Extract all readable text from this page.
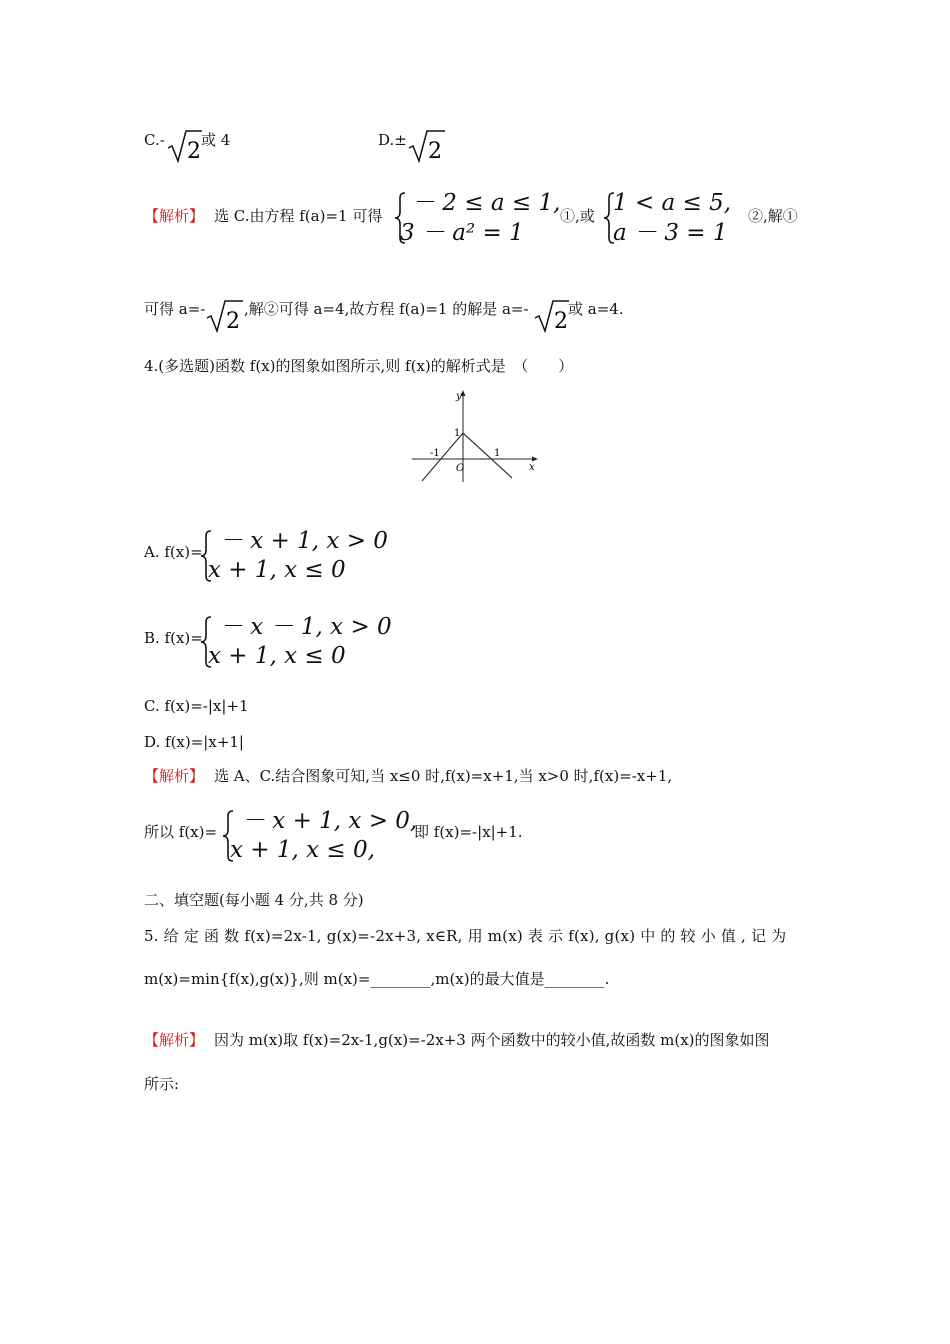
C.- 2 或 4	D.± 2
【解析】 选 C.由方程 f(a)=1 可得 － 2 ≤ a ≤ 1,
3 － a² = 1
①,或 1 < a ≤ 5,
a － 3 = 1
②,解①
可得 a=- 2 ,解②可得 a=4,故方程 f(a)=1 的解是 a=- 2 或 a=4.
4.(多选题)函数 f(x)的图象如图所示,则 f(x)的解析式是　（　　）
y
x
O
1
-1	1
A. f(x)= － x + 1, x > 0
x + 1, x ≤ 0
B. f(x)= － x － 1, x > 0
x + 1, x ≤ 0
C. f(x)=-|x|+1
D. f(x)=|x+1|
【解析】 选 A、C.结合图象可知,当 x≤0 时,f(x)=x+1,当 x>0 时,f(x)=-x+1,
所以 f(x)= － x + 1, x > 0,
x + 1, x ≤ 0,
即 f(x)=-|x|+1.
二、填空题(每小题 4 分,共 8 分)
5. 给 定 函 数 f(x)=2x-1, g(x)=-2x+3, x∈R, 用 m(x) 表 示 f(x), g(x) 中 的 较 小 值 , 记 为
m(x)=min{f(x),g(x)},则 m(x)=________,m(x)的最大值是________.
【解析】 因为 m(x)取 f(x)=2x-1,g(x)=-2x+3 两个函数中的较小值,故函数 m(x)的图象如图
所示:
